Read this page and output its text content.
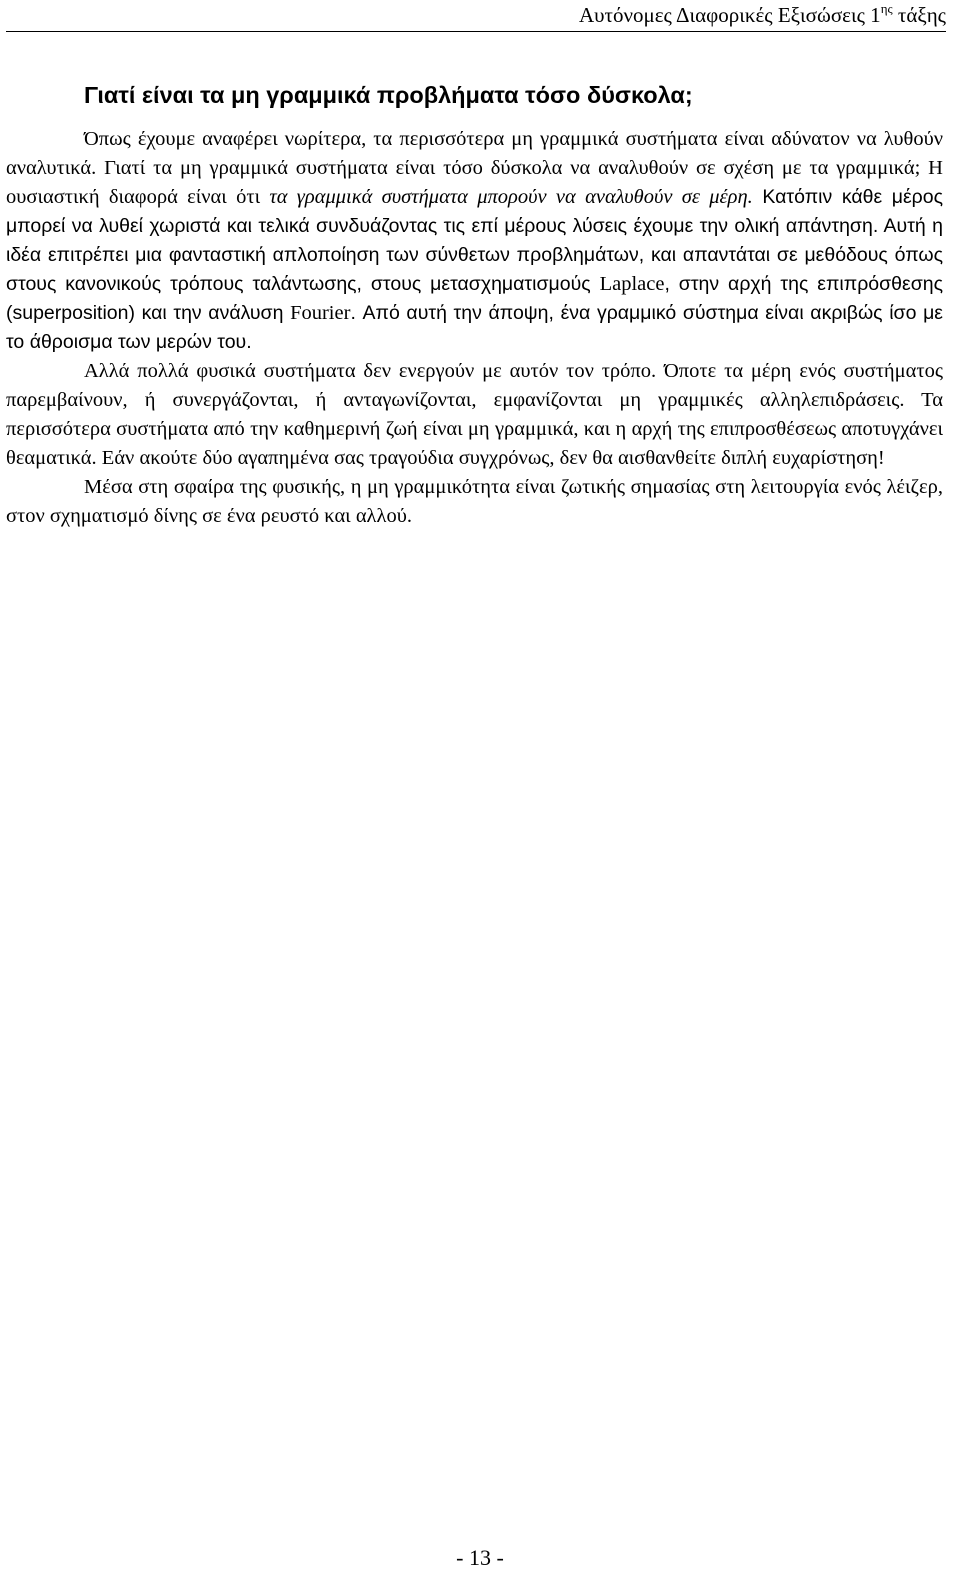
Αυτόνομες Διαφορικές Εξισώσεις $1^{\eta\varsigma}$ τάξης
Γιατί είναι τα μη γραμμικά προβλήματα τόσο δύσκολα;

Όπως έχουμε αναφέρει νωρίτερα, τα περισσότερα μη γραμμικά συστήματα είναι αδύνατον να λυθούν αναλυτικά. Γιατί τα μη γραμμικά συστήματα είναι τόσο δύσκολα να αναλυθούν σε σχέση με τα γραμμικά; Η ουσιαστική διαφορά είναι ότι τα γραμμικά συστήματα μπορούν να αναλυθούν σε μέρη. Κατόπιν κάθε μέρος μπορεί να λυθεί χωριστά και τελικά συνδυάζοντας τις επί μέρους λύσεις έχουμε την ολική απάντηση. Αυτή η ιδέα επιτρέπει μια φανταστική απλοποίηση των σύνθετων προβλημάτων, και απαντάται σε μεθόδους όπως στους κανονικούς τρόπους ταλάντωσης, στους μετασχηματισμούς Laplace, στην αρχή της επιπρόσθεσης (superposition) και την ανάλυση Fourier. Από αυτή την άποψη, ένα γραμμικό σύστημα είναι ακριβώς ίσο με το άθροισμα των μερών του.

Αλλά πολλά φυσικά συστήματα δεν ενεργούν με αυτόν τον τρόπο. Όποτε τα μέρη ενός συστήματος παρεμβαίνουν, ή συνεργάζονται, ή ανταγωνίζονται, εμφανίζονται μη γραμμικές αλληλεπιδράσεις. Τα περισσότερα συστήματα από την καθημερινή ζωή είναι μη γραμμικά, και η αρχή της επιπροσθέσεως αποτυγχάνει θεαματικά. Εάν ακούτε δύο αγαπημένα σας τραγούδια συγχρόνως, δεν θα αισθανθείτε διπλή ευχαρίστηση!

Μέσα στη σφαίρα της φυσικής, η μη γραμμικότητα είναι ζωτικής σημασίας στη λειτουργία ενός λέιζερ, στον σχηματισμό δίνης σε ένα ρευστό και αλλού.

- 13 -
